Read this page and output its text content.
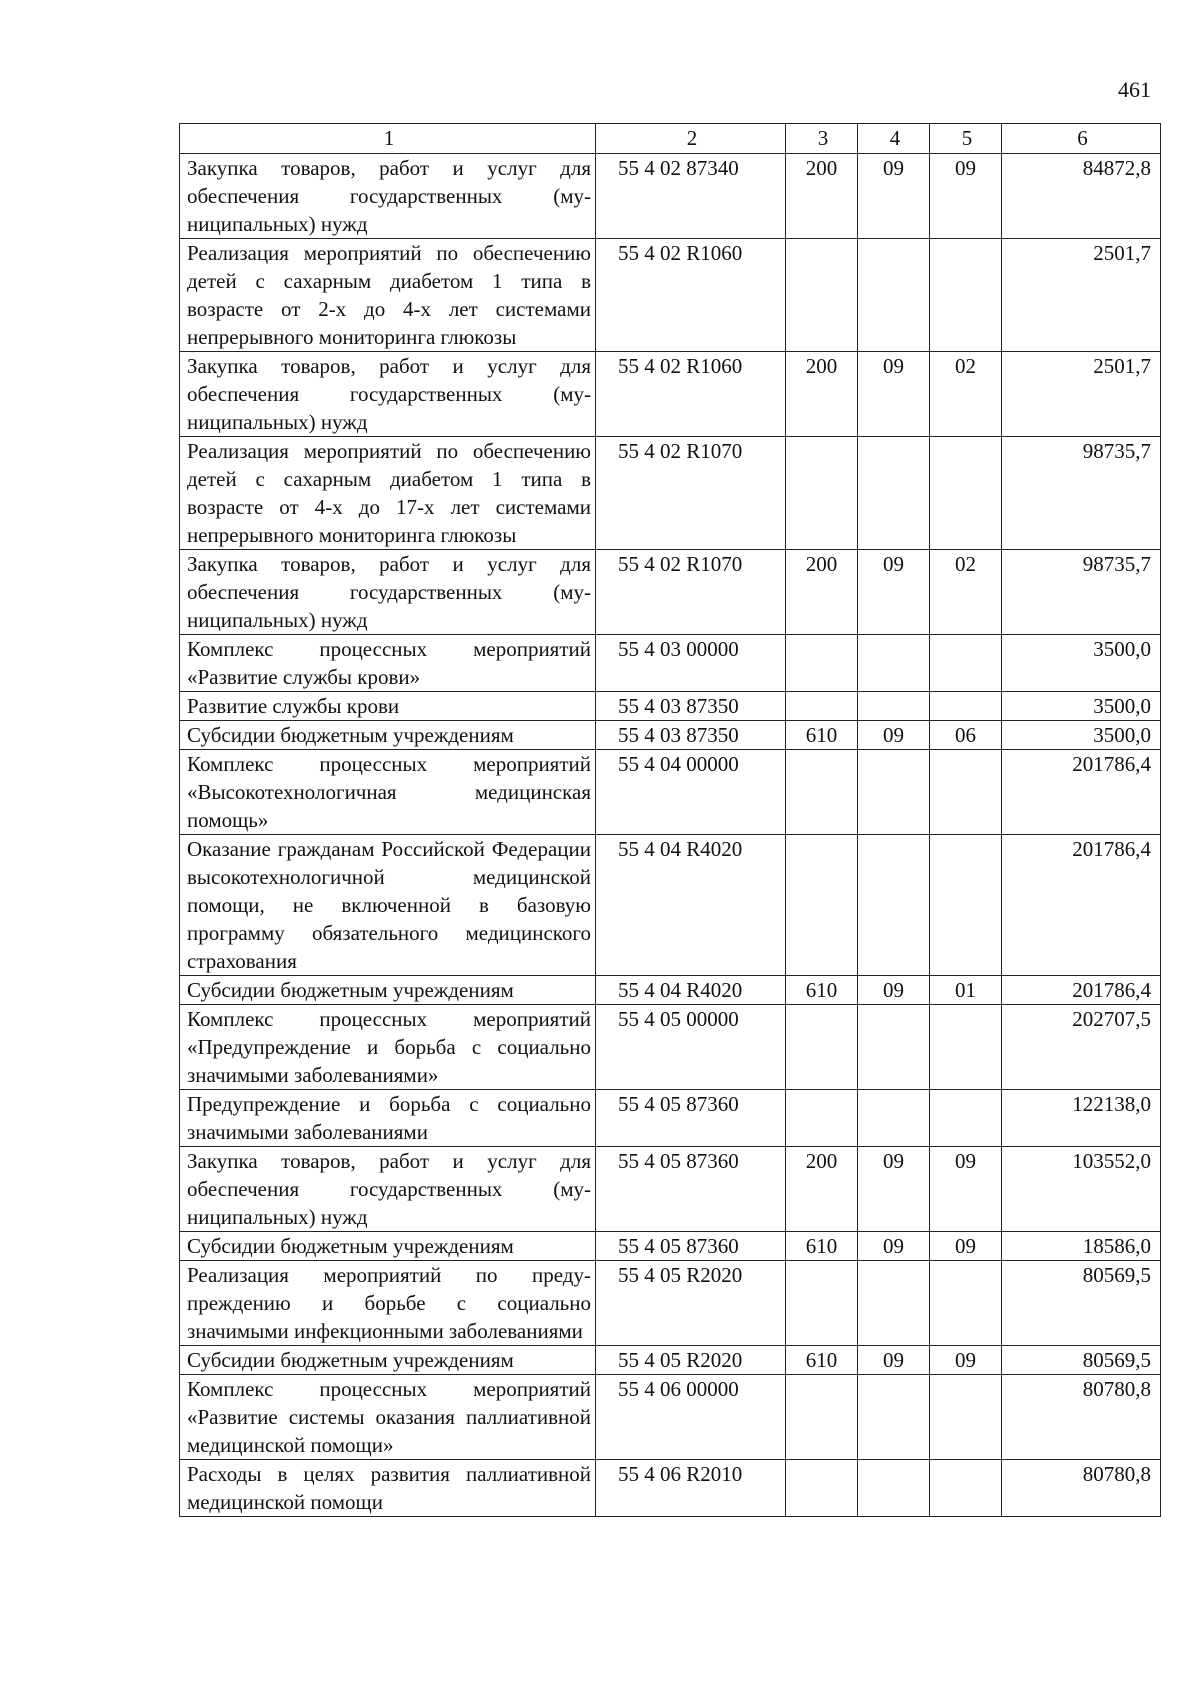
461
1	2	3	4	5	6
Закупка товаров, работ и услуг для обеспечения государственных (муниципальных) нужд	55 4 02 87340	200	09	09	84872,8
Реализация мероприятий по обеспечению детей с сахарным диабетом 1 типа в возрасте от 2-х до 4-х лет системами непрерывного мониторинга глюкозы	55 4 02 R1060				2501,7
Закупка товаров, работ и услуг для обеспечения государственных (муниципальных) нужд	55 4 02 R1060	200	09	02	2501,7
Реализация мероприятий по обеспечению детей с сахарным диабетом 1 типа в возрасте от 4-х до 17-х лет системами непрерывного мониторинга глюкозы	55 4 02 R1070				98735,7
Закупка товаров, работ и услуг для обеспечения государственных (муниципальных) нужд	55 4 02 R1070	200	09	02	98735,7
Комплекс процессных мероприятий «Развитие службы крови»	55 4 03 00000				3500,0
Развитие службы крови	55 4 03 87350				3500,0
Субсидии бюджетным учреждениям	55 4 03 87350	610	09	06	3500,0
Комплекс процессных мероприятий «Высокотехнологичная медицинская помощь»	55 4 04 00000				201786,4
Оказание гражданам Российской Федерации высокотехнологичной медицинской помощи, не включенной в базовую программу обязательного медицинского страхования	55 4 04 R4020				201786,4
Субсидии бюджетным учреждениям	55 4 04 R4020	610	09	01	201786,4
Комплекс процессных мероприятий «Предупреждение и борьба с социально значимыми заболеваниями»	55 4 05 00000				202707,5
Предупреждение и борьба с социально значимыми заболеваниями	55 4 05 87360				122138,0
Закупка товаров, работ и услуг для обеспечения государственных (муниципальных) нужд	55 4 05 87360	200	09	09	103552,0
Субсидии бюджетным учреждениям	55 4 05 87360	610	09	09	18586,0
Реализация мероприятий по предупреждению и борьбе с социально значимыми инфекционными заболеваниями	55 4 05 R2020				80569,5
Субсидии бюджетным учреждениям	55 4 05 R2020	610	09	09	80569,5
Комплекс процессных мероприятий «Развитие системы оказания паллиативной медицинской помощи»	55 4 06 00000				80780,8
Расходы в целях развития паллиативной медицинской помощи	55 4 06 R2010				80780,8
